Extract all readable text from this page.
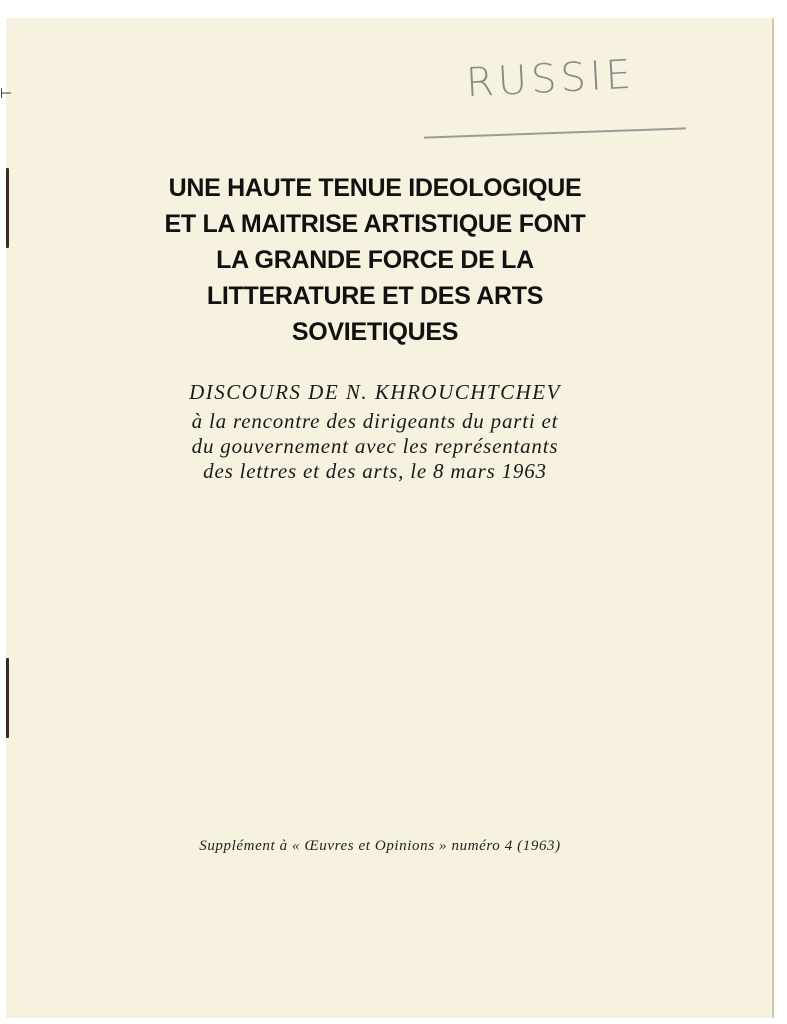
⊢	RUSSIE
UNE HAUTE TENUE IDEOLOGIQUE
ET LA MAITRISE ARTISTIQUE FONT
LA GRANDE FORCE DE LA
LITTERATURE ET DES ARTS
SOVIETIQUES
DISCOURS DE N. KHROUCHTCHEV
à la rencontre des dirigeants du parti et
du gouvernement avec les représentants
des lettres et des arts, le 8 mars 1963
Supplément à « Œuvres et Opinions » numéro 4 (1963)
